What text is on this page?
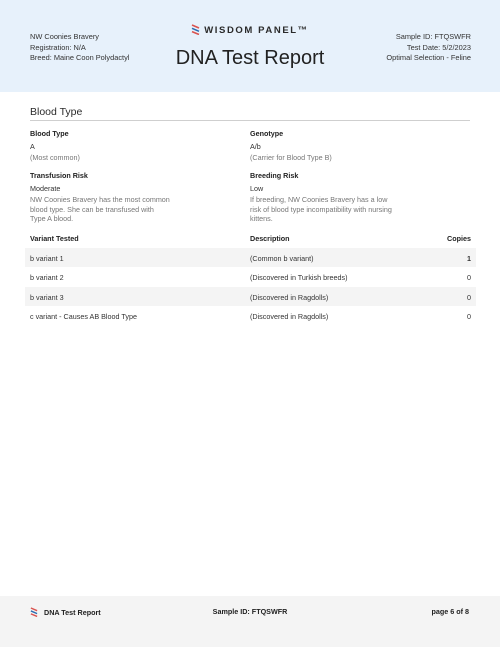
NW Coonies Bravery
Registration: N/A
Breed: Maine Coon Polydactyl
WISDOM PANEL™
DNA Test Report
Sample ID: FTQSWFR
Test Date: 5/2/2023
Optimal Selection - Feline
Blood Type
Blood Type
A
(Most common)
Genotype
A/b
(Carrier for Blood Type B)
Transfusion Risk
Moderate
NW Coonies Bravery has the most common blood type. She can be transfused with Type A blood.
Breeding Risk
Low
If breeding, NW Coonies Bravery has a low risk of blood type incompatibility with nursing kittens.
Variant Tested	Description	Copies
b variant 1	(Common b variant)	1
b variant 2	(Discovered in Turkish breeds)	0
b variant 3	(Discovered in Ragdolls)	0
c variant - Causes AB Blood Type	(Discovered in Ragdolls)	0
DNA Test Report	Sample ID: FTQSWFR	page 6 of 8
